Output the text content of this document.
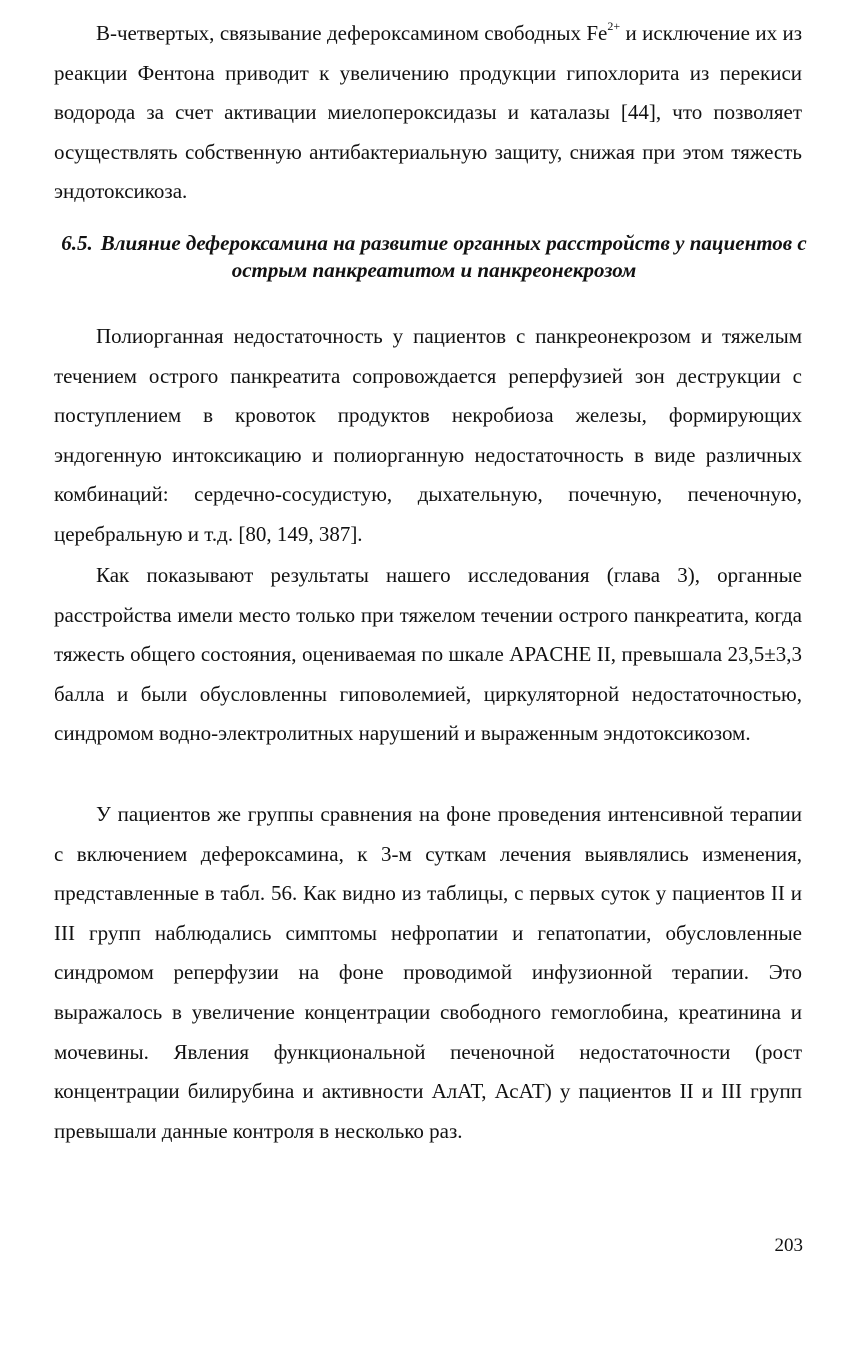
В-четвертых, связывание дефероксамином свободных $Fe^{2+}$ и исключение их из реакции Фентона приводит к увеличению продукции гипохлорита из перекиси водорода за счет активации миелопероксидазы и каталазы [44], что позволяет осуществлять собственную антибактериальную защиту, снижая при этом тяжесть эндотоксикоза.

6.5. Влияние дефероксамина на развитие органных расстройств у пациентов с острым панкреатитом и панкреонекрозом

Полиорганная недостаточность у пациентов с панкреонекрозом и тяжелым течением острого панкреатита сопровождается реперфузией зон деструкции с поступлением в кровоток продуктов некробиоза железы, формирующих эндогенную интоксикацию и полиорганную недостаточность в виде различных комбинаций: сердечно-сосудистую, дыхательную, почечную, печеночную, церебральную и т.д. [80, 149, 387].

Как показывают результаты нашего исследования (глава 3), органные расстройства имели место только при тяжелом течении острого панкреатита, когда тяжесть общего состояния, оцениваемая по шкале APACHE II, превышала 23,5±3,3 балла и были обусловленны гиповолемией, циркуляторной недостаточностью, синдромом водно-электролитных нарушений и выраженным эндотоксикозом.

У пациентов же группы сравнения на фоне проведения интенсивной терапии с включением дефероксамина, к 3-м суткам лечения выявлялись изменения, представленные в табл. 56. Как видно из таблицы, с первых суток у пациентов II и III групп наблюдались симптомы нефропатии и гепатопатии, обусловленные синдромом реперфузии на фоне проводимой инфузионной терапии. Это выражалось в увеличение концентрации свободного гемоглобина, креатинина и мочевины. Явления функциональной печеночной недостаточности (рост концентрации билирубина и активности АлАТ, АсАТ) у пациентов II и III групп превышали данные контроля в несколько раз.

203
